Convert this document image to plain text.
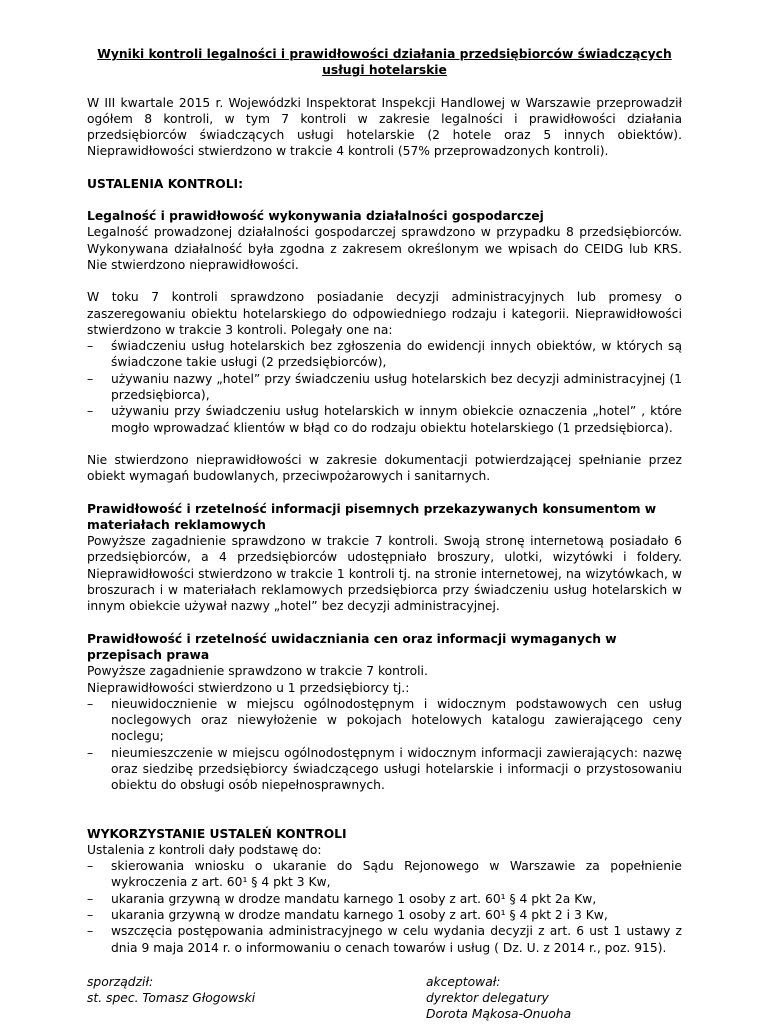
Wyniki kontroli legalności i prawidłowości działania przedsiębiorców świadczących usługi hotelarskie

W III kwartale 2015 r. Wojewódzki Inspektorat Inspekcji Handlowej w Warszawie przeprowadził ogółem 8 kontroli, w tym 7 kontroli w zakresie legalności i prawidłowości działania przedsiębiorców świadczących usługi hotelarskie (2 hotele oraz 5 innych obiektów). Nieprawidłowości stwierdzono w trakcie 4 kontroli (57% przeprowadzonych kontroli).

USTALENIA KONTROLI:
Legalność i prawidłowość wykonywania działalności gospodarczej

Legalność prowadzonej działalności gospodarczej sprawdzono w przypadku 8 przedsiębiorców. Wykonywana działalność była zgodna z zakresem określonym we wpisach do CEIDG lub KRS. Nie stwierdzono nieprawidłowości.

W toku 7 kontroli sprawdzono posiadanie decyzji administracyjnych lub promesy o zaszeregowaniu obiektu hotelarskiego do odpowiedniego rodzaju i kategorii. Nieprawidłowości stwierdzono w trakcie 3 kontroli. Polegały one na:

– świadczeniu usług hotelarskich bez zgłoszenia do ewidencji innych obiektów, w których są świadczone takie usługi (2 przedsiębiorców),
– używaniu nazwy „hotel” przy świadczeniu usług hotelarskich bez decyzji administracyjnej (1 przedsiębiorca),
– używaniu przy świadczeniu usług hotelarskich w innym obiekcie oznaczenia „hotel” , które mogło wprowadzać klientów w błąd co do rodzaju obiektu hotelarskiego (1 przedsiębiorca).

Nie stwierdzono nieprawidłowości w zakresie dokumentacji potwierdzającej spełnianie przez obiekt wymagań budowlanych, przeciwpożarowych i sanitarnych.

Prawidłowość i rzetelność informacji pisemnych przekazywanych konsumentom w materiałach reklamowych

Powyższe zagadnienie sprawdzono w trakcie 7 kontroli. Swoją stronę internetową posiadało 6 przedsiębiorców, a 4 przedsiębiorców udostępniało broszury, ulotki, wizytówki i foldery. Nieprawidłowości stwierdzono w trakcie 1 kontroli tj. na stronie internetowej, na wizytówkach, w broszurach i w materiałach reklamowych przedsiębiorca przy świadczeniu usług hotelarskich w innym obiekcie używał nazwy „hotel” bez decyzji administracyjnej.

Prawidłowość i rzetelność uwidaczniania cen oraz informacji wymaganych w przepisach prawa
Powyższe zagadnienie sprawdzono w trakcie 7 kontroli.
Nieprawidłowości stwierdzono u 1 przedsiębiorcy tj.:
– nieuwidocznienie w miejscu ogólnodostępnym i widocznym podstawowych cen usług noclegowych oraz niewyłożenie w pokojach hotelowych katalogu zawierającego ceny noclegu;
– nieumieszczenie w miejscu ogólnodostępnym i widocznym informacji zawierających: nazwę oraz siedzibę przedsiębiorcy świadczącego usługi hotelarskie i informacji o przystosowaniu obiektu do obsługi osób niepełnosprawnych.
WYKORZYSTANIE USTALEŃ KONTROLI
Ustalenia z kontroli dały podstawę do:
– skierowania wniosku o ukaranie do Sądu Rejonowego w Warszawie za popełnienie wykroczenia z art. 60¹ § 4 pkt 3 Kw,
– ukarania grzywną w drodze mandatu karnego 1 osoby z art. 60¹ § 4 pkt 2a Kw,
– ukarania grzywną w drodze mandatu karnego 1 osoby z art. 60¹ § 4 pkt 2 i 3 Kw,
– wszczęcia postępowania administracyjnego w celu wydania decyzji z art. 6 ust 1 ustawy z dnia 9 maja 2014 r. o informowaniu o cenach towarów i usług ( Dz. U. z 2014 r., poz. 915).
sporządził:
st. spec. Tomasz Głogowski
akceptował:
dyrektor delegatury
Dorota Mąkosa-Onuoha
